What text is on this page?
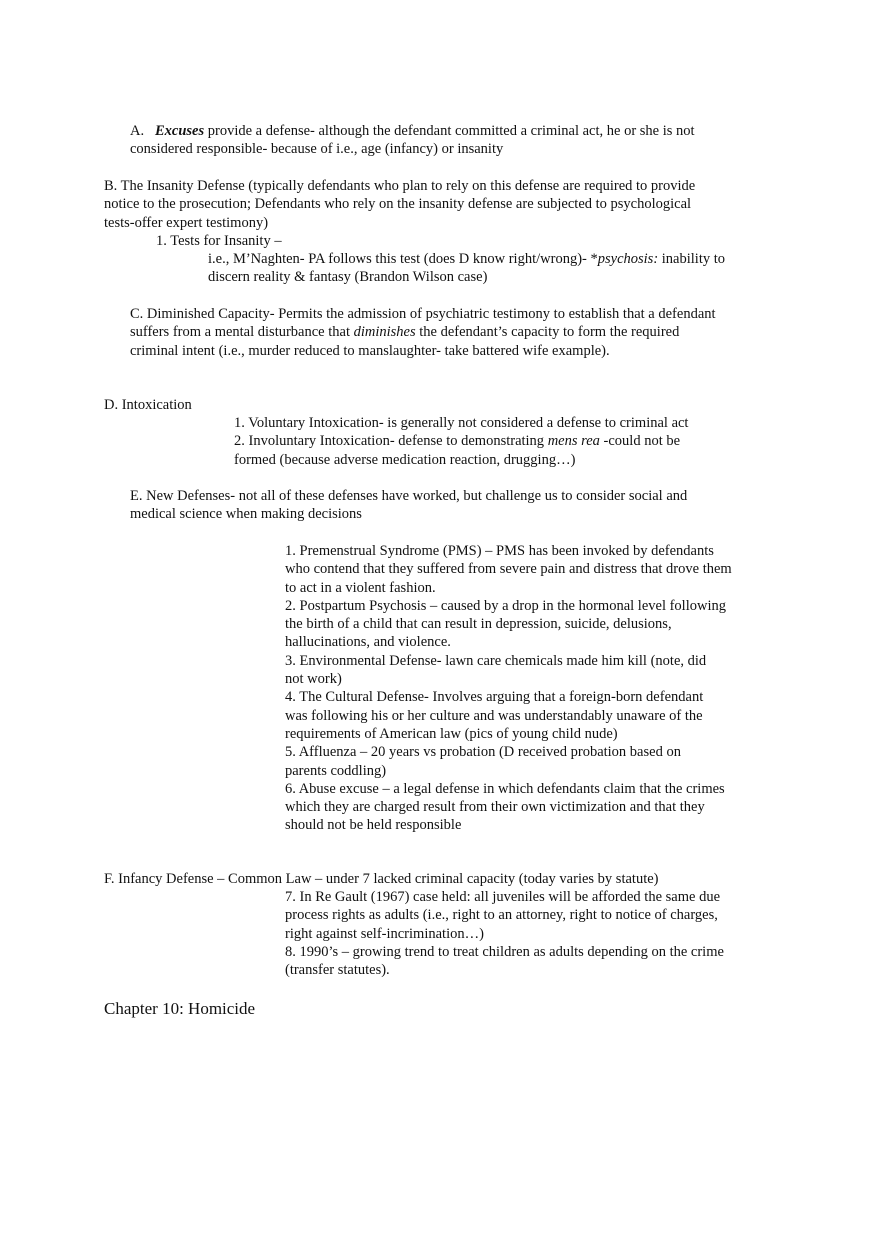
A. Excuses provide a defense- although the defendant committed a criminal act, he or she is not

considered responsible- because of i.e., age (infancy) or insanity

B. The Insanity Defense (typically defendants who plan to rely on this defense are required to provide

notice to the prosecution; Defendants who rely on the insanity defense are subjected to psychological

tests-offer expert testimony)

1. Tests for Insanity –

i.e., M’Naghten- PA follows this test (does D know right/wrong)- *psychosis: inability to

discern reality & fantasy (Brandon Wilson case)

C. Diminished Capacity- Permits the admission of psychiatric testimony to establish that a defendant

suffers from a mental disturbance that diminishes the defendant’s capacity to form the required

criminal intent (i.e., murder reduced to manslaughter- take battered wife example).

D. Intoxication

1. Voluntary Intoxication- is generally not considered a defense to criminal act

2. Involuntary Intoxication- defense to demonstrating mens rea -could not be

formed (because adverse medication reaction, drugging…)

E. New Defenses- not all of these defenses have worked, but challenge us to consider social and

medical science when making decisions

1. Premenstrual Syndrome (PMS) – PMS has been invoked by defendants

who contend that they suffered from severe pain and distress that drove them

to act in a violent fashion.

2. Postpartum Psychosis – caused by a drop in the hormonal level following

the birth of a child that can result in depression, suicide, delusions,

hallucinations, and violence.

3. Environmental Defense- lawn care chemicals made him kill (note, did

not work)

4. The Cultural Defense- Involves arguing that a foreign-born defendant

was following his or her culture and was understandably unaware of the

requirements of American law (pics of young child nude)

5. Affluenza – 20 years vs probation (D received probation based on

parents coddling)

6. Abuse excuse – a legal defense in which defendants claim that the crimes

which they are charged result from their own victimization and that they

should not be held responsible

F. Infancy Defense – Common Law – under 7 lacked criminal capacity (today varies by statute)

7. In Re Gault (1967) case held: all juveniles will be afforded the same due

process rights as adults (i.e., right to an attorney, right to notice of charges,

right against self-incrimination…)

8. 1990’s – growing trend to treat children as adults depending on the crime

(transfer statutes).

Chapter 10: Homicide
